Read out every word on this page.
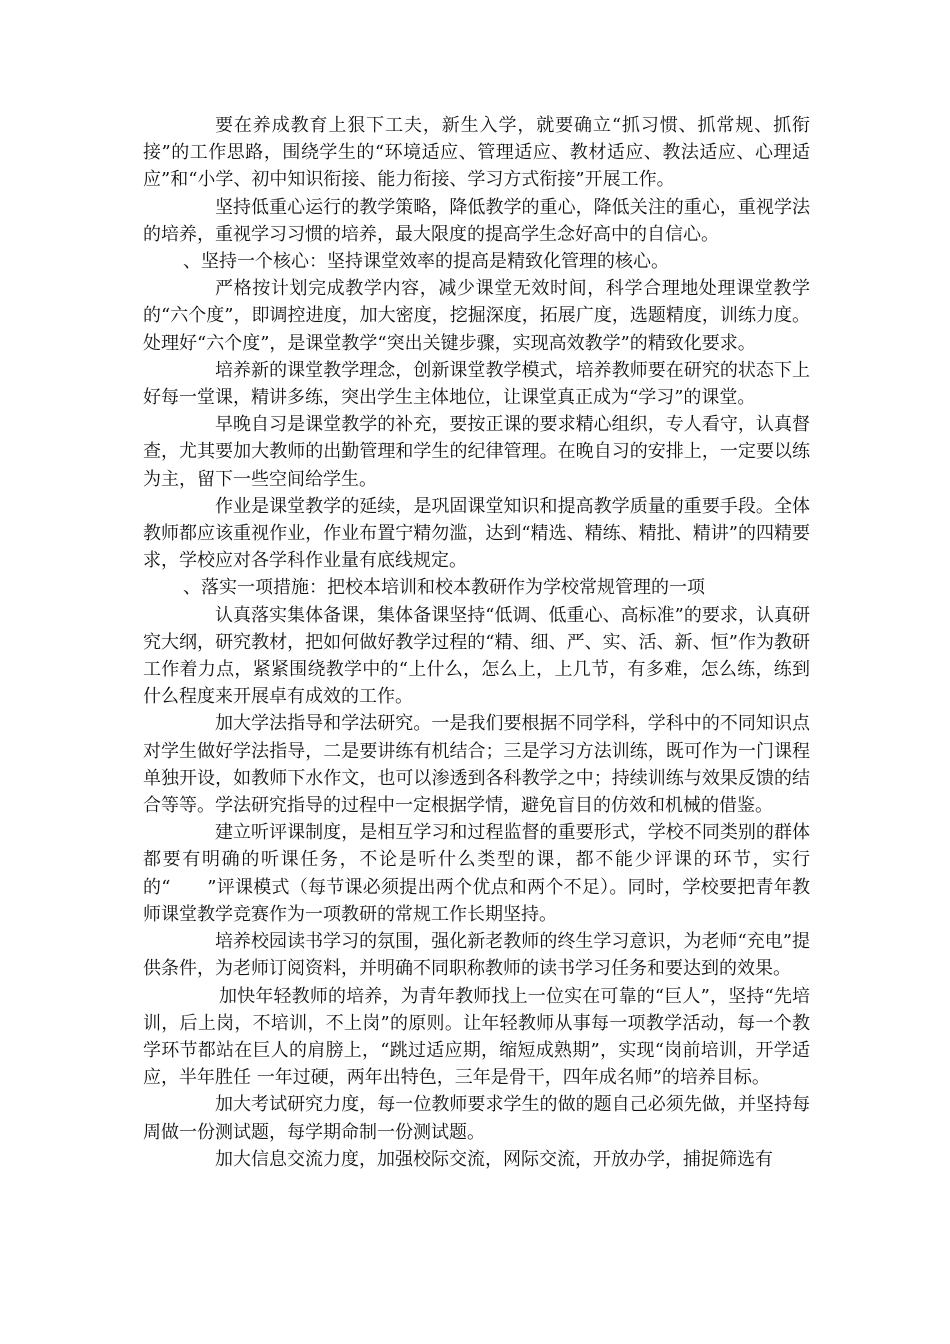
要在养成教育上狠下工夫，新生入学，就要确立“抓习惯、抓常规、抓衔接”的工作思路，围绕学生的“环境适应、管理适应、教材适应、教法适应、心理适应”和“小学、初中知识衔接、能力衔接、学习方式衔接”开展工作。

坚持低重心运行的教学策略，降低教学的重心，降低关注的重心，重视学法的培养，重视学习习惯的培养，最大限度的提高学生念好高中的自信心。

、坚持一个核心：坚持课堂效率的提高是精致化管理的核心。

严格按计划完成教学内容，减少课堂无效时间，科学合理地处理课堂教学的“六个度”，即调控进度，加大密度，挖掘深度，拓展广度，选题精度，训练力度。处理好“六个度”，是课堂教学“突出关键步骤，实现高效教学”的精致化要求。

培养新的课堂教学理念，创新课堂教学模式，培养教师要在研究的状态下上好每一堂课，精讲多练，突出学生主体地位，让课堂真正成为“学习”的课堂。

早晚自习是课堂教学的补充，要按正课的要求精心组织，专人看守，认真督查，尤其要加大教师的出勤管理和学生的纪律管理。在晚自习的安排上，一定要以练为主，留下一些空间给学生。

作业是课堂教学的延续，是巩固课堂知识和提高教学质量的重要手段。全体教师都应该重视作业，作业布置宁精勿滥，达到“精选、精练、精批、精讲”的四精要求，学校应对各学科作业量有底线规定。

、落实一项措施：把校本培训和校本教研作为学校常规管理的一项

认真落实集体备课，集体备课坚持“低调、低重心、高标准”的要求，认真研究大纲，研究教材，把如何做好教学过程的“精、细、严、实、活、新、恒”作为教研工作着力点，紧紧围绕教学中的“上什么，怎么上，上几节，有多难，怎么练，练到什么程度来开展卓有成效的工作。

加大学法指导和学法研究。一是我们要根据不同学科，学科中的不同知识点对学生做好学法指导，二是要讲练有机结合；三是学习方法训练，既可作为一门课程单独开设，如教师下水作文，也可以渗透到各科教学之中；持续训练与效果反馈的结合等等。学法研究指导的过程中一定根据学情，避免盲目的仿效和机械的借鉴。

建立听评课制度，是相互学习和过程监督的重要形式，学校不同类别的群体都要有明确的听课任务，不论是听什么类型的课，都不能少评课的环节，实行的“　　”评课模式（每节课必须提出两个优点和两个不足）。同时，学校要把青年教师课堂教学竞赛作为一项教研的常规工作长期坚持。

培养校园读书学习的氛围，强化新老教师的终生学习意识，为老师“充电”提供条件，为老师订阅资料，并明确不同职称教师的读书学习任务和要达到的效果。

加快年轻教师的培养，为青年教师找上一位实在可靠的“巨人”，坚持“先培训，后上岗，不培训，不上岗”的原则。让年轻教师从事每一项教学活动，每一个教学环节都站在巨人的肩膀上，“跳过适应期，缩短成熟期”，实现“岗前培训，开学适应，半年胜任 一年过硬，两年出特色，三年是骨干，四年成名师”的培养目标。

加大考试研究力度，每一位教师要求学生的做的题自己必须先做，并坚持每周做一份测试题，每学期命制一份测试题。

加大信息交流力度，加强校际交流，网际交流，开放办学，捕捉筛选有
